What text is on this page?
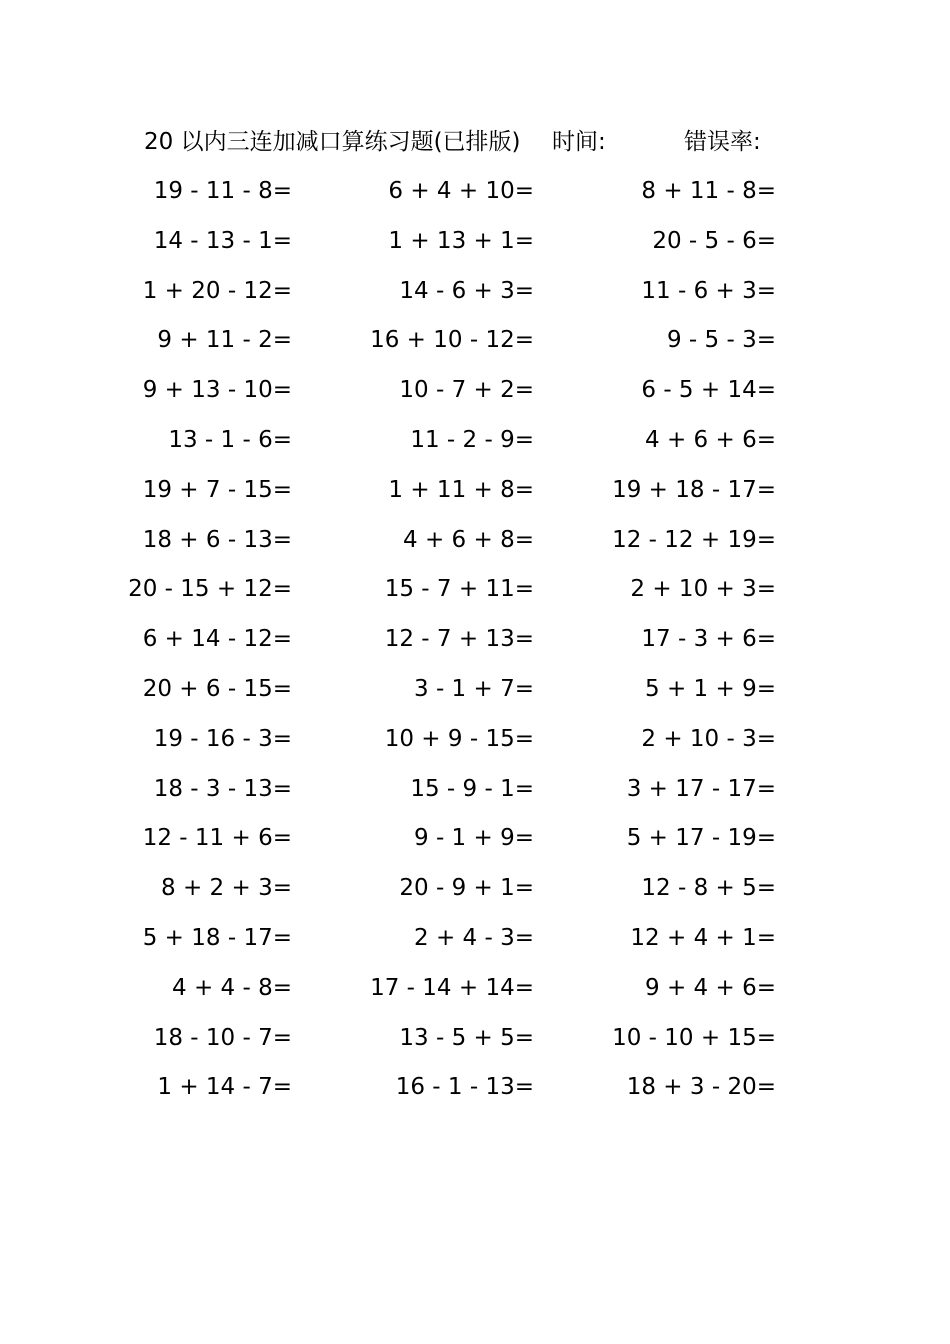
20 以内三连加减口算练习题(已排版) 时间:	错误率:
19 - 11 - 8=	6 + 4 + 10=	8 + 11 - 8=
14 - 13 - 1=	1 + 13 + 1=	20 - 5 - 6=
1 + 20 - 12=	14 - 6 + 3=	11 - 6 + 3=
9 + 11 - 2=	16 + 10 - 12=	9 - 5 - 3=
9 + 13 - 10=	10 - 7 + 2=	6 - 5 + 14=
13 - 1 - 6=	11 - 2 - 9=	4 + 6 + 6=
19 + 7 - 15=	1 + 11 + 8=	19 + 18 - 17=
18 + 6 - 13=	4 + 6 + 8=	12 - 12 + 19=
20 - 15 + 12=	15 - 7 + 11=	2 + 10 + 3=
6 + 14 - 12=	12 - 7 + 13=	17 - 3 + 6=
20 + 6 - 15=	3 - 1 + 7=	5 + 1 + 9=
19 - 16 - 3=	10 + 9 - 15=	2 + 10 - 3=
18 - 3 - 13=	15 - 9 - 1=	3 + 17 - 17=
12 - 11 + 6=	9 - 1 + 9=	5 + 17 - 19=
8 + 2 + 3=	20 - 9 + 1=	12 - 8 + 5=
5 + 18 - 17=	2 + 4 - 3=	12 + 4 + 1=
4 + 4 - 8=	17 - 14 + 14=	9 + 4 + 6=
18 - 10 - 7=	13 - 5 + 5=	10 - 10 + 15=
1 + 14 - 7=	16 - 1 - 13=	18 + 3 - 20=
